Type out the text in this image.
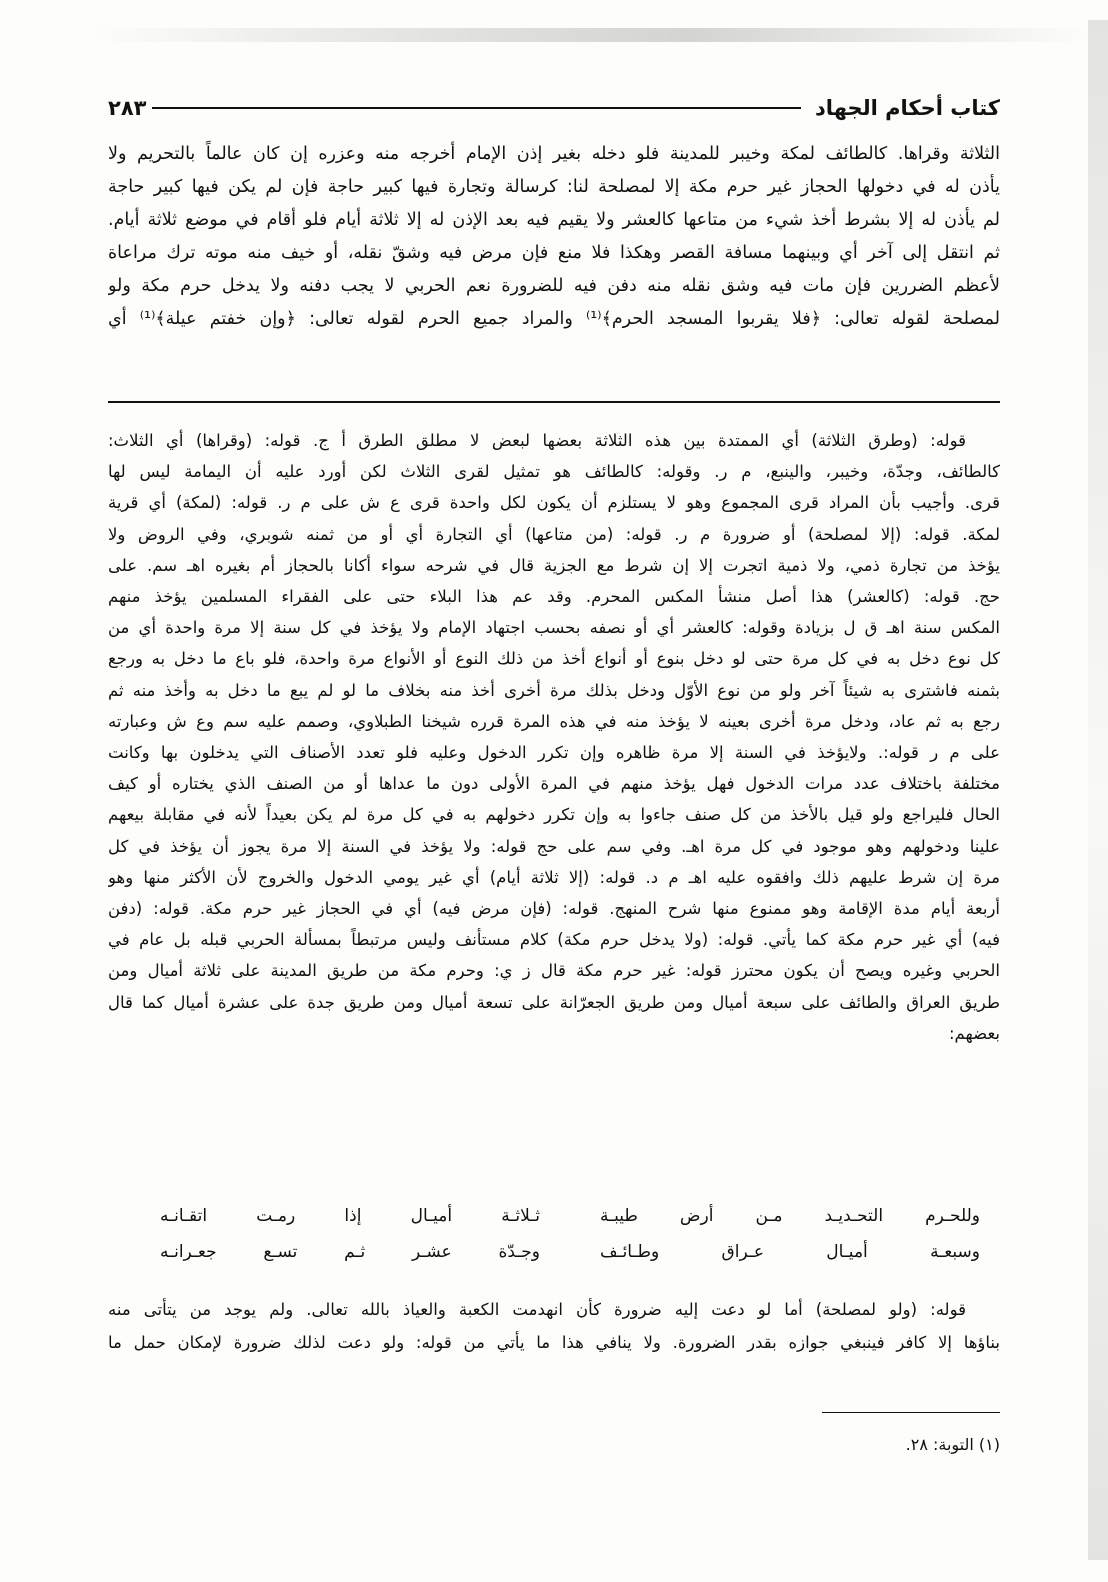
كتاب أحكام الجهاد
٢٨٣
الثلاثة وقراها. كالطائف لمكة وخيبر للمدينة فلو دخله بغير إذن الإمام أخرجه منه وعزره إن كان عالماً بالتحريم ولا
يأذن له في دخولها الحجاز غير حرم مكة إلا لمصلحة لنا: كرسالة وتجارة فيها كبير حاجة فإن لم يكن فيها كبير حاجة
لم يأذن له إلا بشرط أخذ شيء من متاعها كالعشر ولا يقيم فيه بعد الإذن له إلا ثلاثة أيام فلو أقام في موضع ثلاثة أيام.
ثم انتقل إلى آخر أي وبينهما مسافة القصر وهكذا فلا منع فإن مرض فيه وشقّ نقله، أو خيف منه موته ترك مراعاة
لأعظم الضررين فإن مات فيه وشق نقله منه دفن فيه للضرورة نعم الحربي لا يجب دفنه ولا يدخل حرم مكة ولو
لمصلحة لقوله تعالى: ﴿فلا يقربوا المسجد الحرم﴾⁽¹⁾ والمراد جميع الحرم لقوله تعالى: ﴿وإن خفتم عيلة﴾⁽¹⁾ أي
قوله: (وطرق الثلاثة) أي الممتدة بين هذه الثلاثة بعضها لبعض لا مطلق الطرق أ ج. قوله: (وقراها) أي الثلاث:
كالطائف، وجدّة، وخيبر، والينبع، م ر. وقوله: كالطائف هو تمثيل لقرى الثلاث لكن أورد عليه أن اليمامة ليس لها
قرى. وأجيب بأن المراد قرى المجموع وهو لا يستلزم أن يكون لكل واحدة قرى ع ش على م ر. قوله: (لمكة) أي قرية
لمكة. قوله: (إلا لمصلحة) أو ضرورة م ر. قوله: (من متاعها) أي التجارة أي أو من ثمنه شوبري، وفي الروض ولا
يؤخذ من تجارة ذمي، ولا ذمية اتجرت إلا إن شرط مع الجزية قال في شرحه سواء أكانا بالحجاز أم بغيره اهـ سم. على
حج. قوله: (كالعشر) هذا أصل منشأ المكس المحرم. وقد عم هذا البلاء حتى على الفقراء المسلمين يؤخذ منهم
المكس سنة اهـ ق ل بزيادة وقوله: كالعشر أي أو نصفه بحسب اجتهاد الإمام ولا يؤخذ في كل سنة إلا مرة واحدة أي من
كل نوع دخل به في كل مرة حتى لو دخل بنوع أو أنواع أخذ من ذلك النوع أو الأنواع مرة واحدة، فلو باع ما دخل به ورجع
بثمنه فاشترى به شيئاً آخر ولو من نوع الأوّل ودخل بذلك مرة أخرى أخذ منه بخلاف ما لو لم يبع ما دخل به وأخذ منه ثم
رجع به ثم عاد، ودخل مرة أخرى بعينه لا يؤخذ منه في هذه المرة قرره شيخنا الطبلاوي، وصمم عليه سم وع ش وعبارته
على م ر قوله:. ولايؤخذ في السنة إلا مرة ظاهره وإن تكرر الدخول وعليه فلو تعدد الأصناف التي يدخلون بها وكانت
مختلفة باختلاف عدد مرات الدخول فهل يؤخذ منهم في المرة الأولى دون ما عداها أو من الصنف الذي يختاره أو كيف
الحال فليراجع ولو قيل بالأخذ من كل صنف جاءوا به وإن تكرر دخولهم به في كل مرة لم يكن بعيداً لأنه في مقابلة بيعهم
علينا ودخولهم وهو موجود في كل مرة اهـ. وفي سم على حج قوله: ولا يؤخذ في السنة إلا مرة يجوز أن يؤخذ في كل
مرة إن شرط عليهم ذلك وافقوه عليه اهـ م د. قوله: (إلا ثلاثة أيام) أي غير يومي الدخول والخروج لأن الأكثر منها وهو
أربعة أيام مدة الإقامة وهو ممنوع منها شرح المنهج. قوله: (فإن مرض فيه) أي في الحجاز غير حرم مكة. قوله: (دفن
فيه) أي غير حرم مكة كما يأتي. قوله: (ولا يدخل حرم مكة) كلام مستأنف وليس مرتبطاً بمسألة الحربي قبله بل عام في
الحربي وغيره ويصح أن يكون محترز قوله: غير حرم مكة قال ز ي: وحرم مكة من طريق المدينة على ثلاثة أميال ومن
طريق العراق والطائف على سبعة أميال ومن طريق الجعرّانة على تسعة أميال ومن طريق جدة على عشرة أميال كما قال
بعضهم:
وللحـرم التحـديـد مـن أرض طيبـة
ثـلاثـة أميـال إذا رمـت اتقـانـه
وسبعـة أميـال عـراق وطـائـف
وجـدّة عشـر ثـم تسـع جعـرانـه
قوله: (ولو لمصلحة) أما لو دعت إليه ضرورة كأن انهدمت الكعبة والعياذ بالله تعالى. ولم يوجد من يتأتى منه
بناؤها إلا كافر فينبغي جوازه بقدر الضرورة. ولا ينافي هذا ما يأتي من قوله: ولو دعت لذلك ضرورة لإمكان حمل ما
(١) التوبة: ٢٨.
